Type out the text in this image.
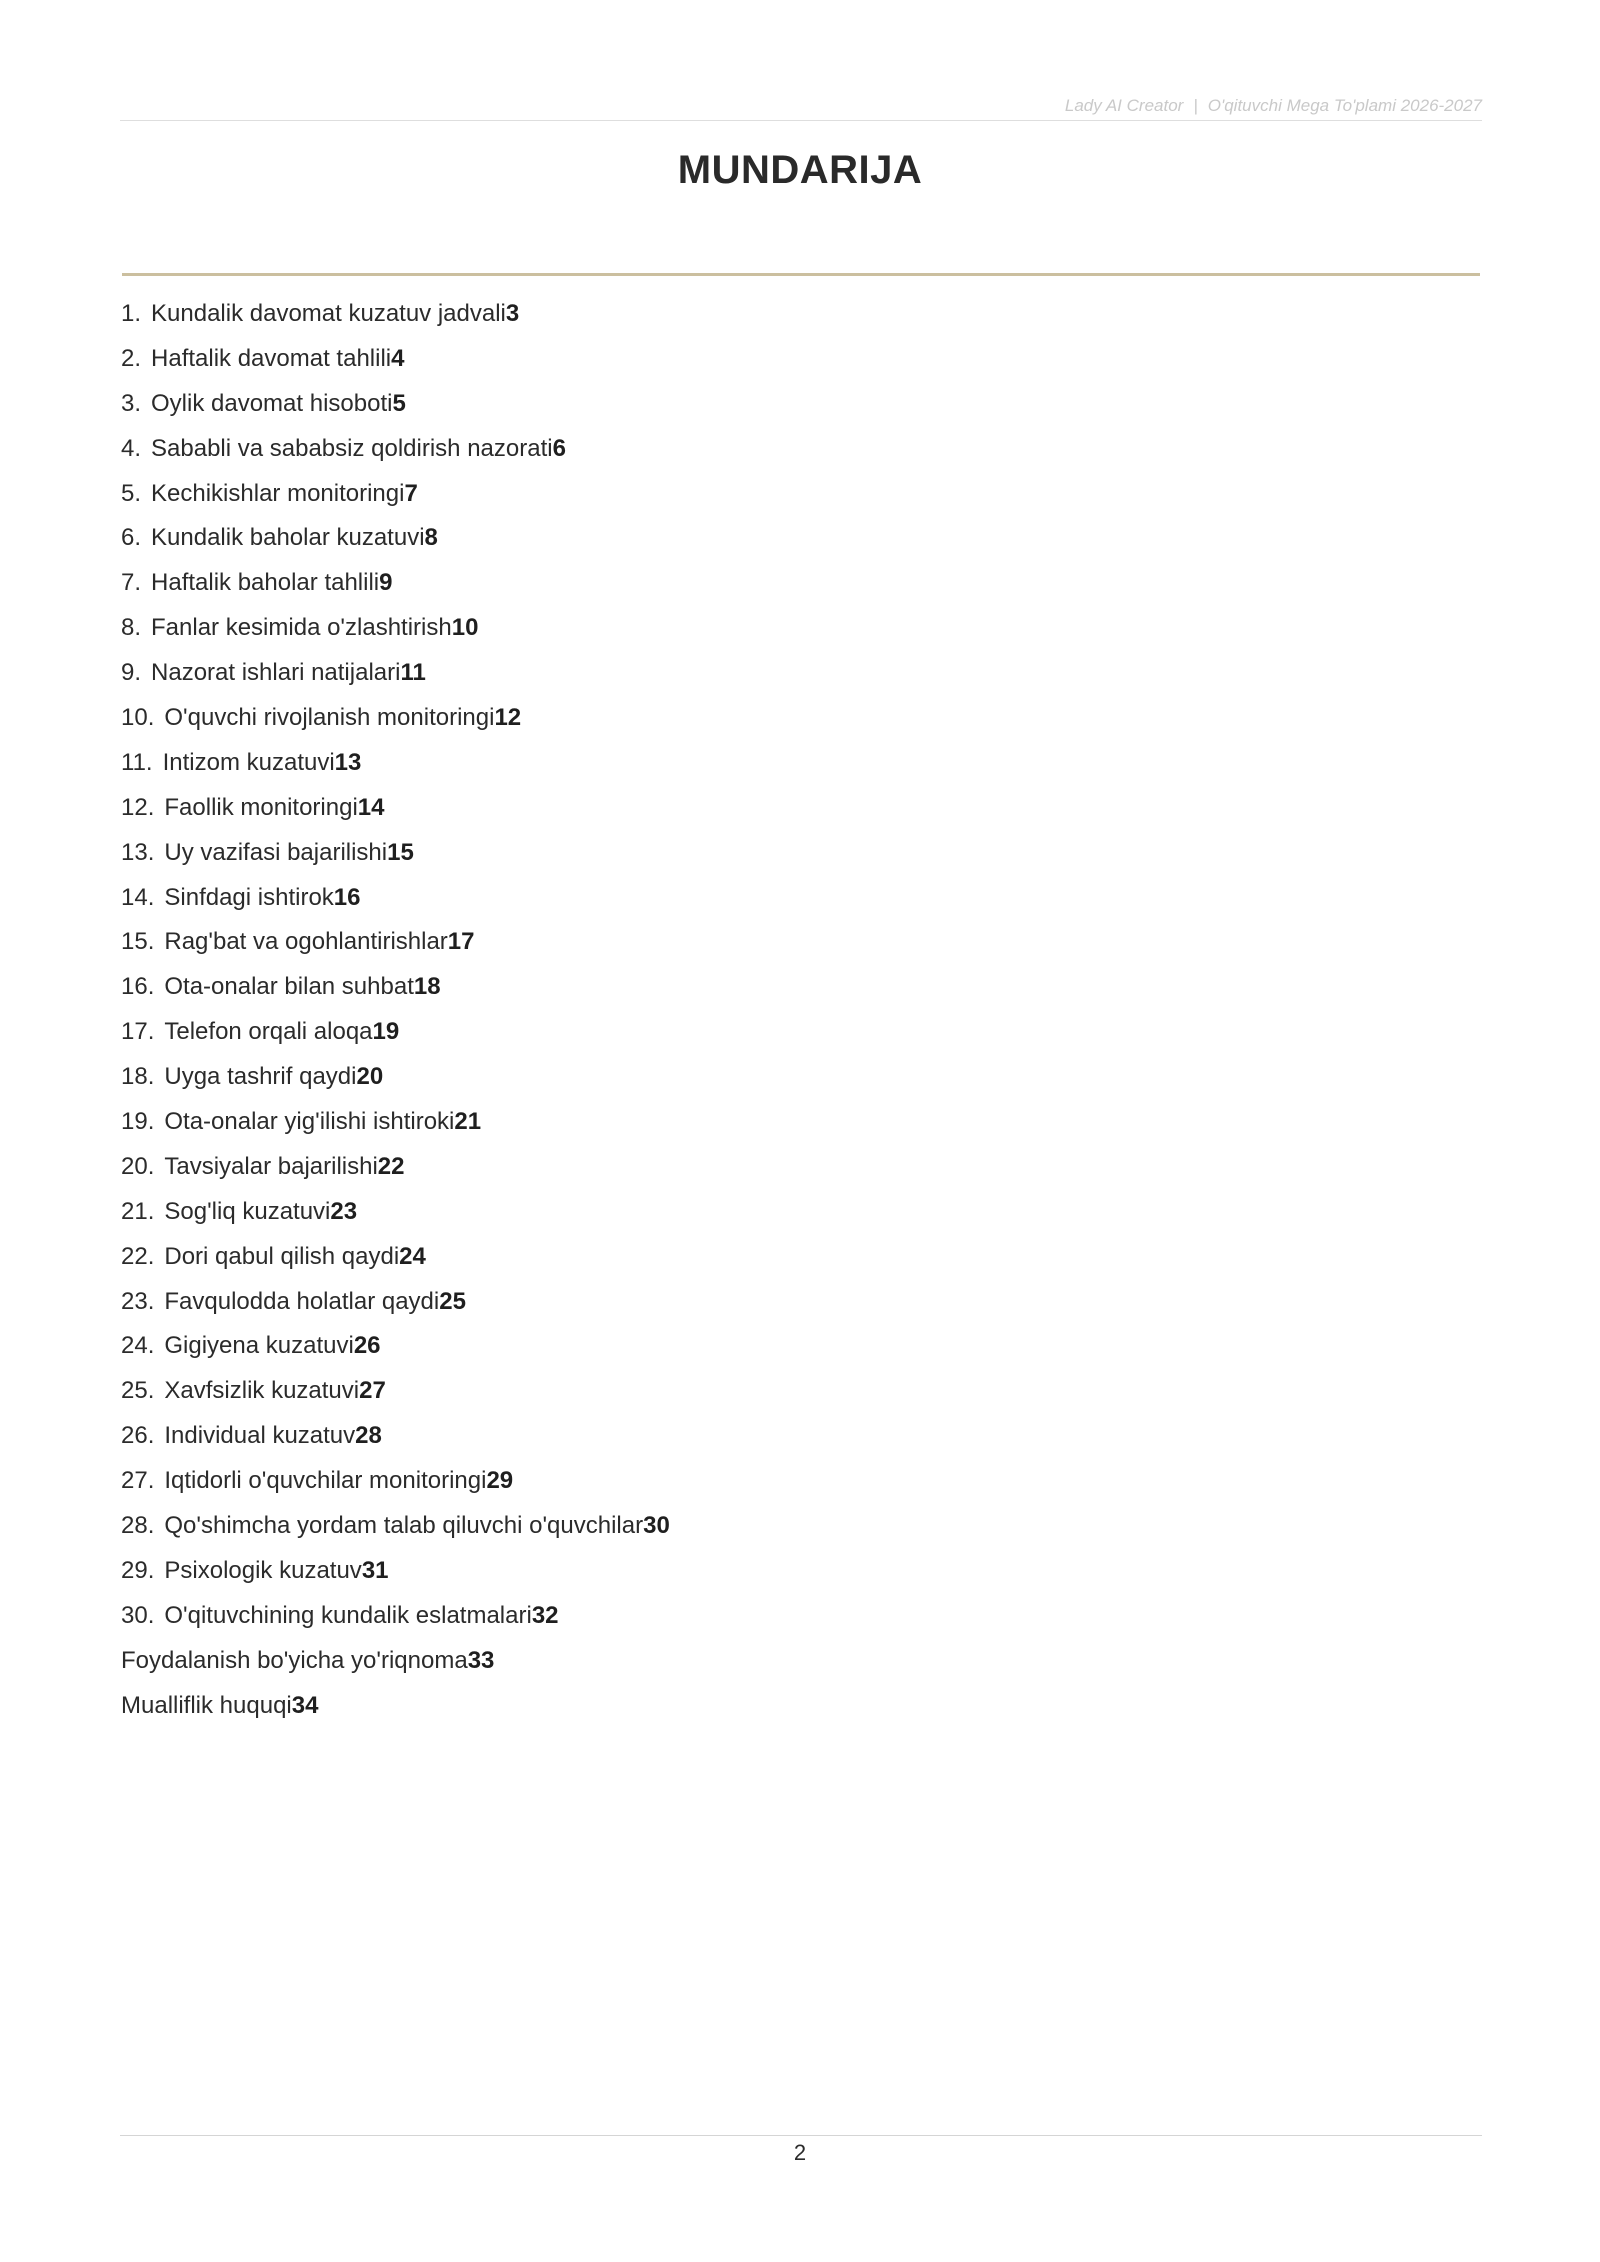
Lady AI Creator | O'qituvchi Mega To'plami 2026-2027
MUNDARIJA
1. Kundalik davomat kuzatuv jadvali3
2. Haftalik davomat tahlili4
3. Oylik davomat hisoboti5
4. Sababli va sababsiz qoldirish nazorati6
5. Kechikishlar monitoringi7
6. Kundalik baholar kuzatuvi8
7. Haftalik baholar tahlili9
8. Fanlar kesimida o'zlashtirish10
9. Nazorat ishlari natijalari11
10. O'quvchi rivojlanish monitoringi12
11. Intizom kuzatuvi13
12. Faollik monitoringi14
13. Uy vazifasi bajarilishi15
14. Sinfdagi ishtirok16
15. Rag'bat va ogohlantirishlar17
16. Ota-onalar bilan suhbat18
17. Telefon orqali aloqa19
18. Uyga tashrif qaydi20
19. Ota-onalar yig'ilishi ishtiroki21
20. Tavsiyalar bajarilishi22
21. Sog'liq kuzatuvi23
22. Dori qabul qilish qaydi24
23. Favqulodda holatlar qaydi25
24. Gigiyena kuzatuvi26
25. Xavfsizlik kuzatuvi27
26. Individual kuzatuv28
27. Iqtidorli o'quvchilar monitoringi29
28. Qo'shimcha yordam talab qiluvchi o'quvchilar30
29. Psixologik kuzatuv31
30. O'qituvchining kundalik eslatmalari32
Foydalanish bo'yicha yo'riqnoma33
Mualliflik huquqi34
2
